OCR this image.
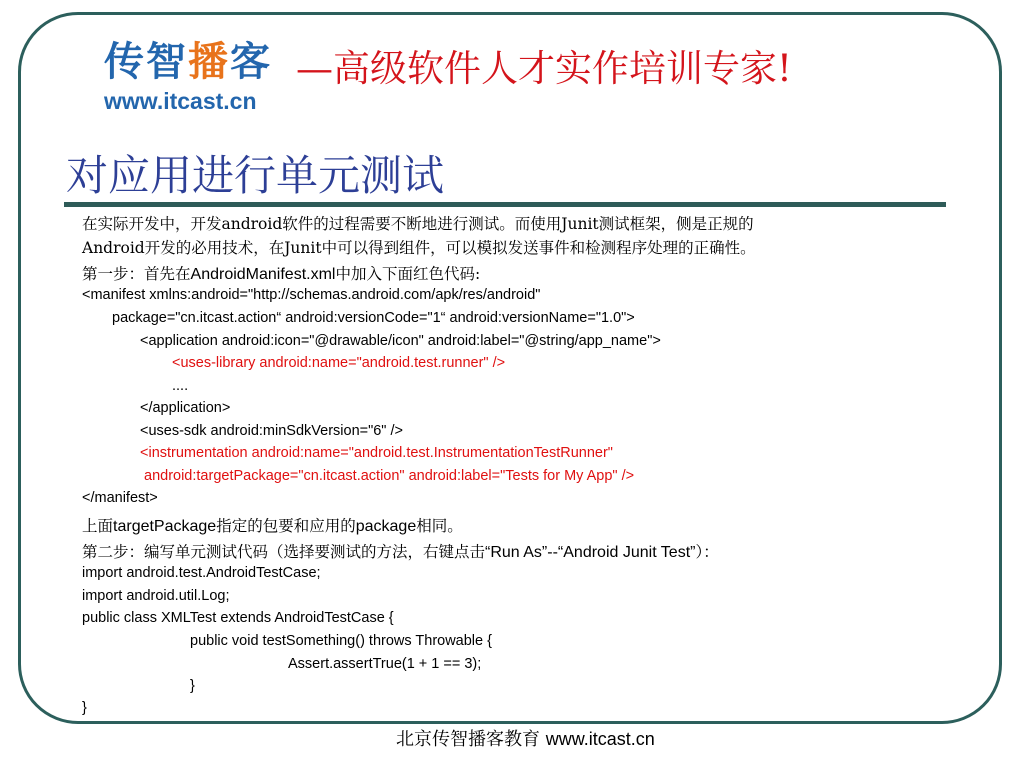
传智播客
www.itcast.cn
—高级软件人才实作培训专家!
对应用进行单元测试
在实际开发中，开发android软件的过程需要不断地进行测试。而使用Junit测试框架，侧是正规的
Android开发的必用技术，在Junit中可以得到组件，可以模拟发送事件和检测程序处理的正确性。
第一步：首先在AndroidManifest.xml中加入下面红色代码:
<manifest xmlns:android="http://schemas.android.com/apk/res/android"
package="cn.itcast.action“ android:versionCode="1“ android:versionName="1.0">
<application android:icon="@drawable/icon" android:label="@string/app_name">
<uses-library android:name="android.test.runner" />
....
</application>
<uses-sdk android:minSdkVersion="6" />
<instrumentation android:name="android.test.InstrumentationTestRunner"
android:targetPackage="cn.itcast.action" android:label="Tests for My App" />
</manifest>
上面targetPackage指定的包要和应用的package相同。
第二步：编写单元测试代码（选择要测试的方法，右键点击“Run As”--“Android Junit Test”）：
import android.test.AndroidTestCase;
import android.util.Log;
public class XMLTest extends AndroidTestCase {
public void testSomething() throws Throwable {
Assert.assertTrue(1 + 1 == 3);
}
}
北京传智播客教育 www.itcast.cn
